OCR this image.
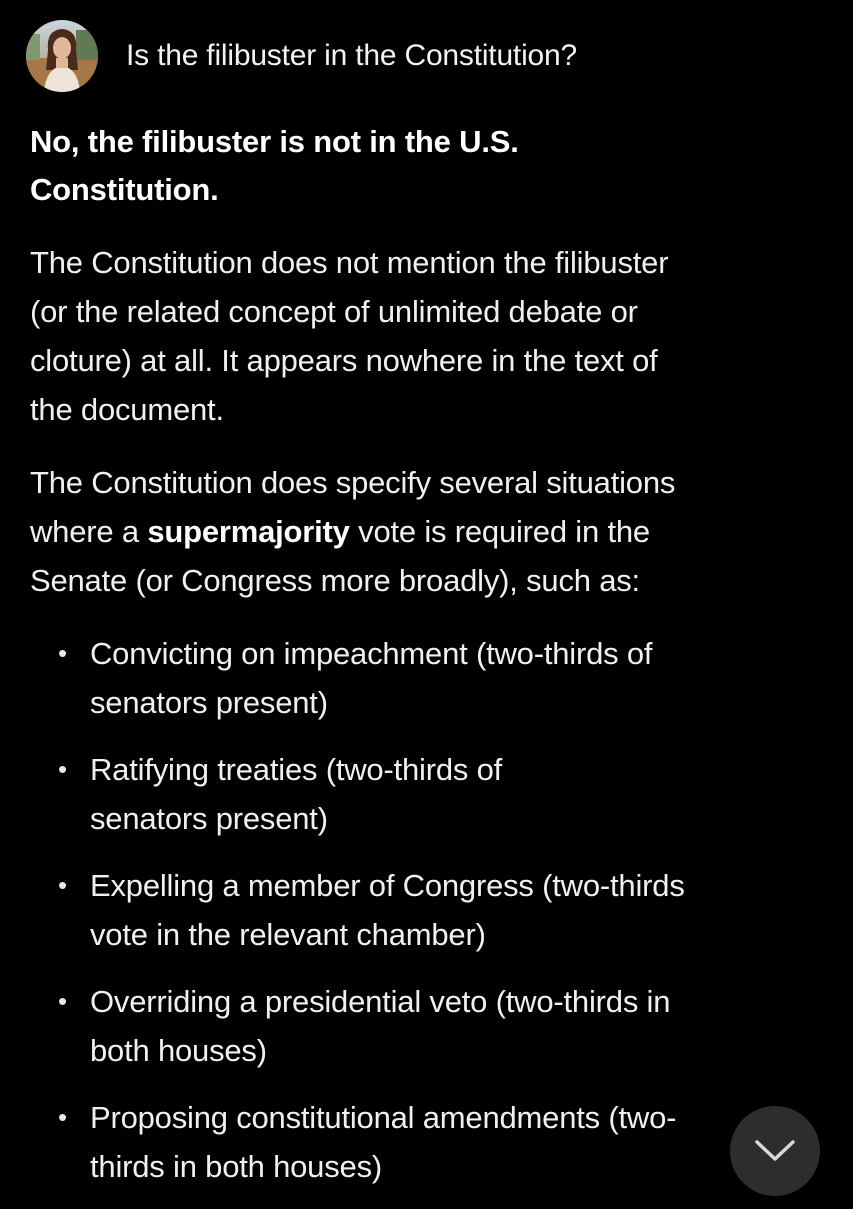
Is the filibuster in the Constitution?
No, the filibuster is not in the U.S.
Constitution.
The Constitution does not mention the filibuster
(or the related concept of unlimited debate or
cloture) at all. It appears nowhere in the text of
the document.
The Constitution does specify several situations
where a supermajority vote is required in the
Senate (or Congress more broadly), such as:
• Convicting on impeachment (two-thirds of
senators present)
• Ratifying treaties (two-thirds of
senators present)
• Expelling a member of Congress (two-thirds
vote in the relevant chamber)
• Overriding a presidential veto (two-thirds in
both houses)
• Proposing constitutional amendments (two-
thirds in both houses)
